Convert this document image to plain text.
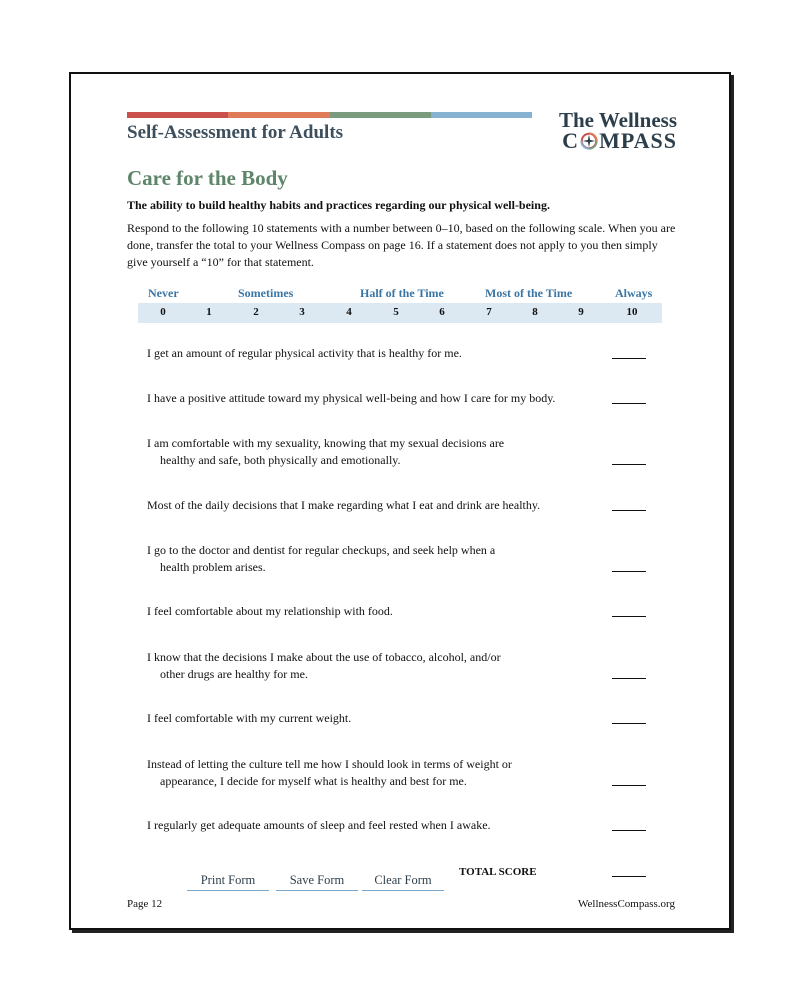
Self-Assessment for Adults
The Wellness
C MPASS
Care for the Body
The ability to build healthy habits and practices regarding our physical well-being.
Respond to the following 10 statements with a number between 0–10, based on the following scale. When you are done, transfer the total to your Wellness Compass on page 16. If a statement does not apply to you then simply give yourself a “10” for that statement.
Never	Sometimes	Half of the Time	Most of the Time	Always
0	1	2	3	4	5	6	7	8	9	10
I get an amount of regular physical activity that is healthy for me.
I have a positive attitude toward my physical well-being and how I care for my body.
I am comfortable with my sexuality, knowing that my sexual decisions are
healthy and safe, both physically and emotionally.
Most of the daily decisions that I make regarding what I eat and drink are healthy.
I go to the doctor and dentist for regular checkups, and seek help when a
health problem arises.
I feel comfortable about my relationship with food.
I know that the decisions I make about the use of tobacco, alcohol, and/or
other drugs are healthy for me.
I feel comfortable with my current weight.
Instead of letting the culture tell me how I should look in terms of weight or
appearance, I decide for myself what is healthy and best for me.
I regularly get adequate amounts of sleep and feel rested when I awake.
Print Form	Save Form	Clear Form
TOTAL SCORE
Page 12	WellnessCompass.org
